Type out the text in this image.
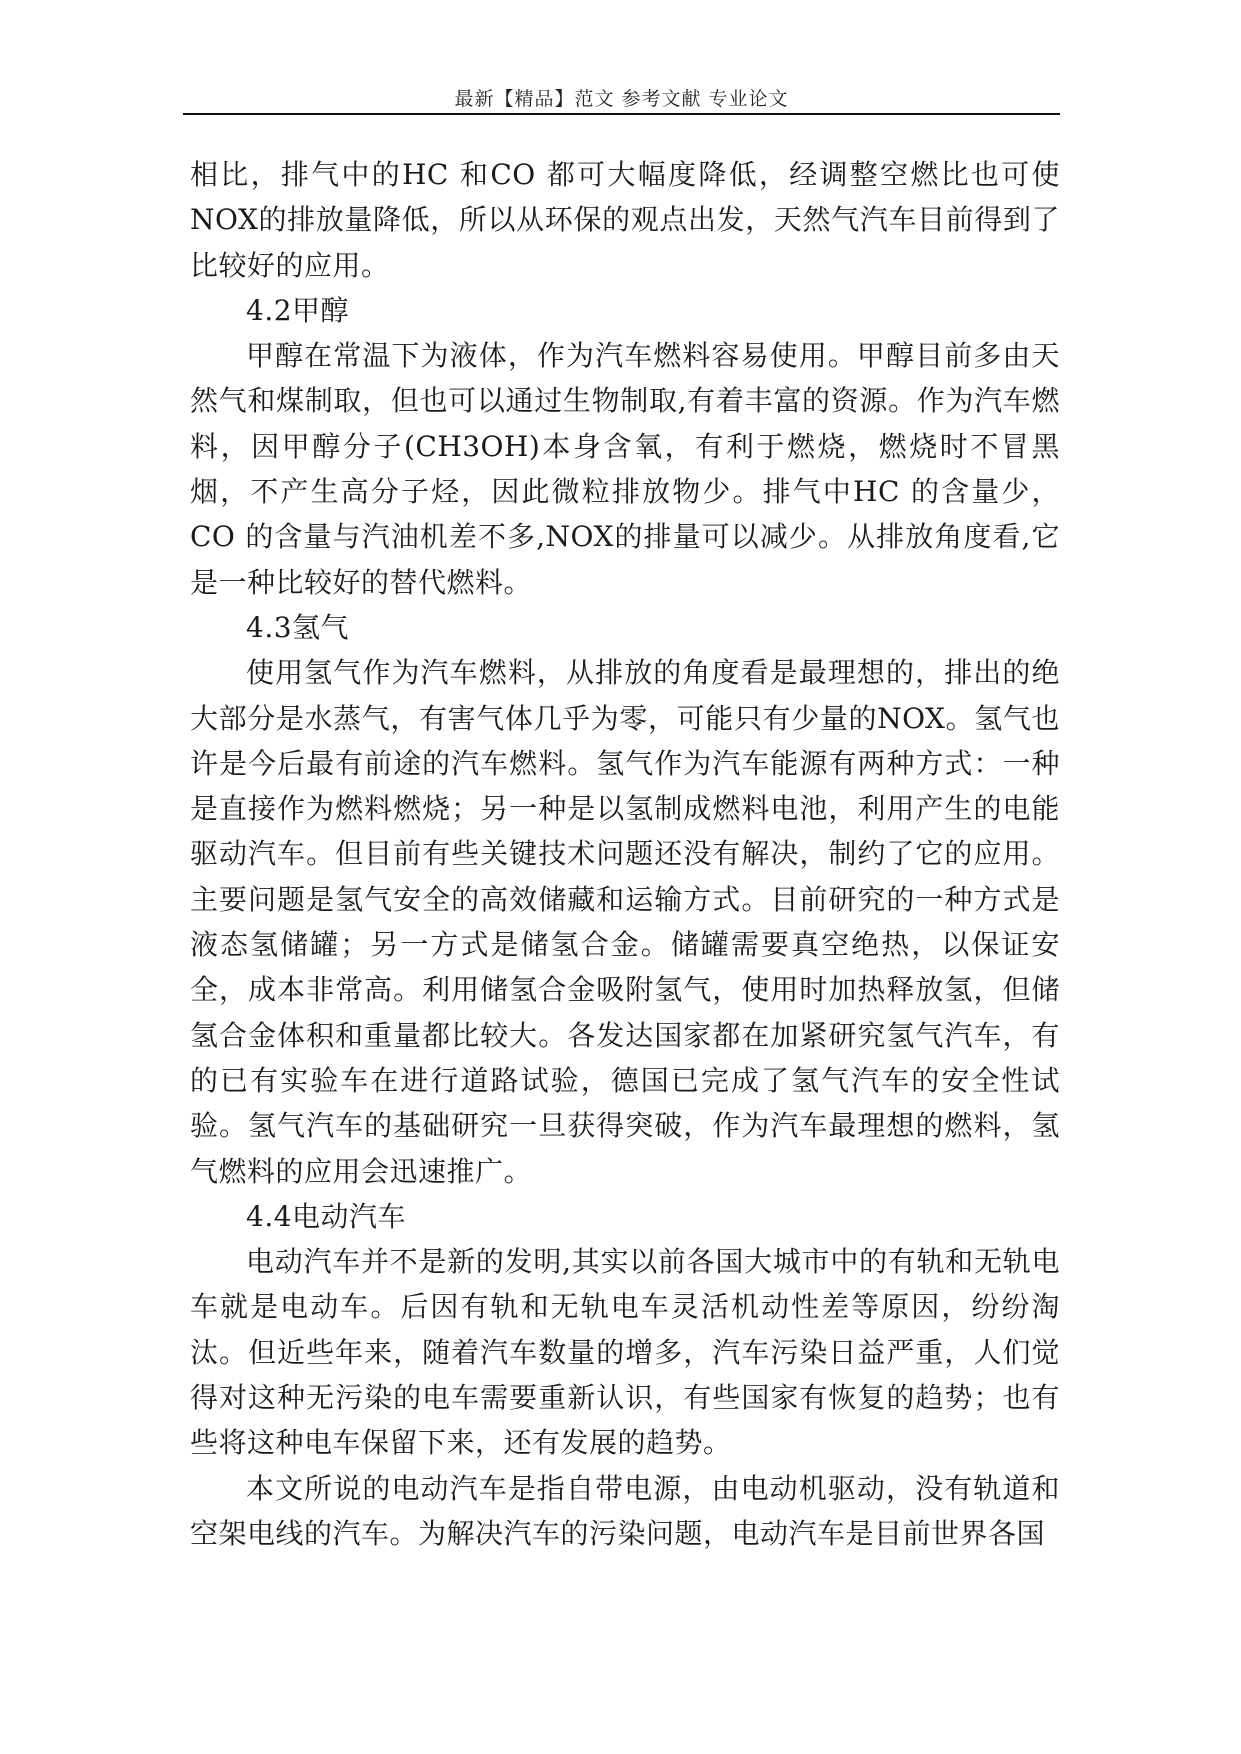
最新【精品】范文 参考文献 专业论文

相比，排气中的HC 和CO 都可大幅度降低，经调整空燃比也可使NOX的排放量降低，所以从环保的观点出发，天然气汽车目前得到了比较好的应用。

4.2甲醇

甲醇在常温下为液体，作为汽车燃料容易使用。甲醇目前多由天然气和煤制取，但也可以通过生物制取,有着丰富的资源。作为汽车燃料，因甲醇分子(CH3OH)本身含氧，有利于燃烧，燃烧时不冒黑烟，不产生高分子烃，因此微粒排放物少。排气中HC 的含量少，CO 的含量与汽油机差不多,NOX的排量可以减少。从排放角度看,它是一种比较好的替代燃料。

4.3氢气

使用氢气作为汽车燃料，从排放的角度看是最理想的，排出的绝大部分是水蒸气，有害气体几乎为零，可能只有少量的NOX。氢气也许是今后最有前途的汽车燃料。氢气作为汽车能源有两种方式：一种是直接作为燃料燃烧；另一种是以氢制成燃料电池，利用产生的电能驱动汽车。但目前有些关键技术问题还没有解决，制约了它的应用。主要问题是氢气安全的高效储藏和运输方式。目前研究的一种方式是液态氢储罐；另一方式是储氢合金。储罐需要真空绝热，以保证安全，成本非常高。利用储氢合金吸附氢气，使用时加热释放氢，但储氢合金体积和重量都比较大。各发达国家都在加紧研究氢气汽车，有的已有实验车在进行道路试验，德国已完成了氢气汽车的安全性试验。氢气汽车的基础研究一旦获得突破，作为汽车最理想的燃料，氢气燃料的应用会迅速推广。

4.4电动汽车

电动汽车并不是新的发明,其实以前各国大城市中的有轨和无轨电车就是电动车。后因有轨和无轨电车灵活机动性差等原因，纷纷淘汰。但近些年来，随着汽车数量的增多，汽车污染日益严重，人们觉得对这种无污染的电车需要重新认识，有些国家有恢复的趋势；也有些将这种电车保留下来，还有发展的趋势。

本文所说的电动汽车是指自带电源，由电动机驱动，没有轨道和空架电线的汽车。为解决汽车的污染问题，电动汽车是目前世界各国
